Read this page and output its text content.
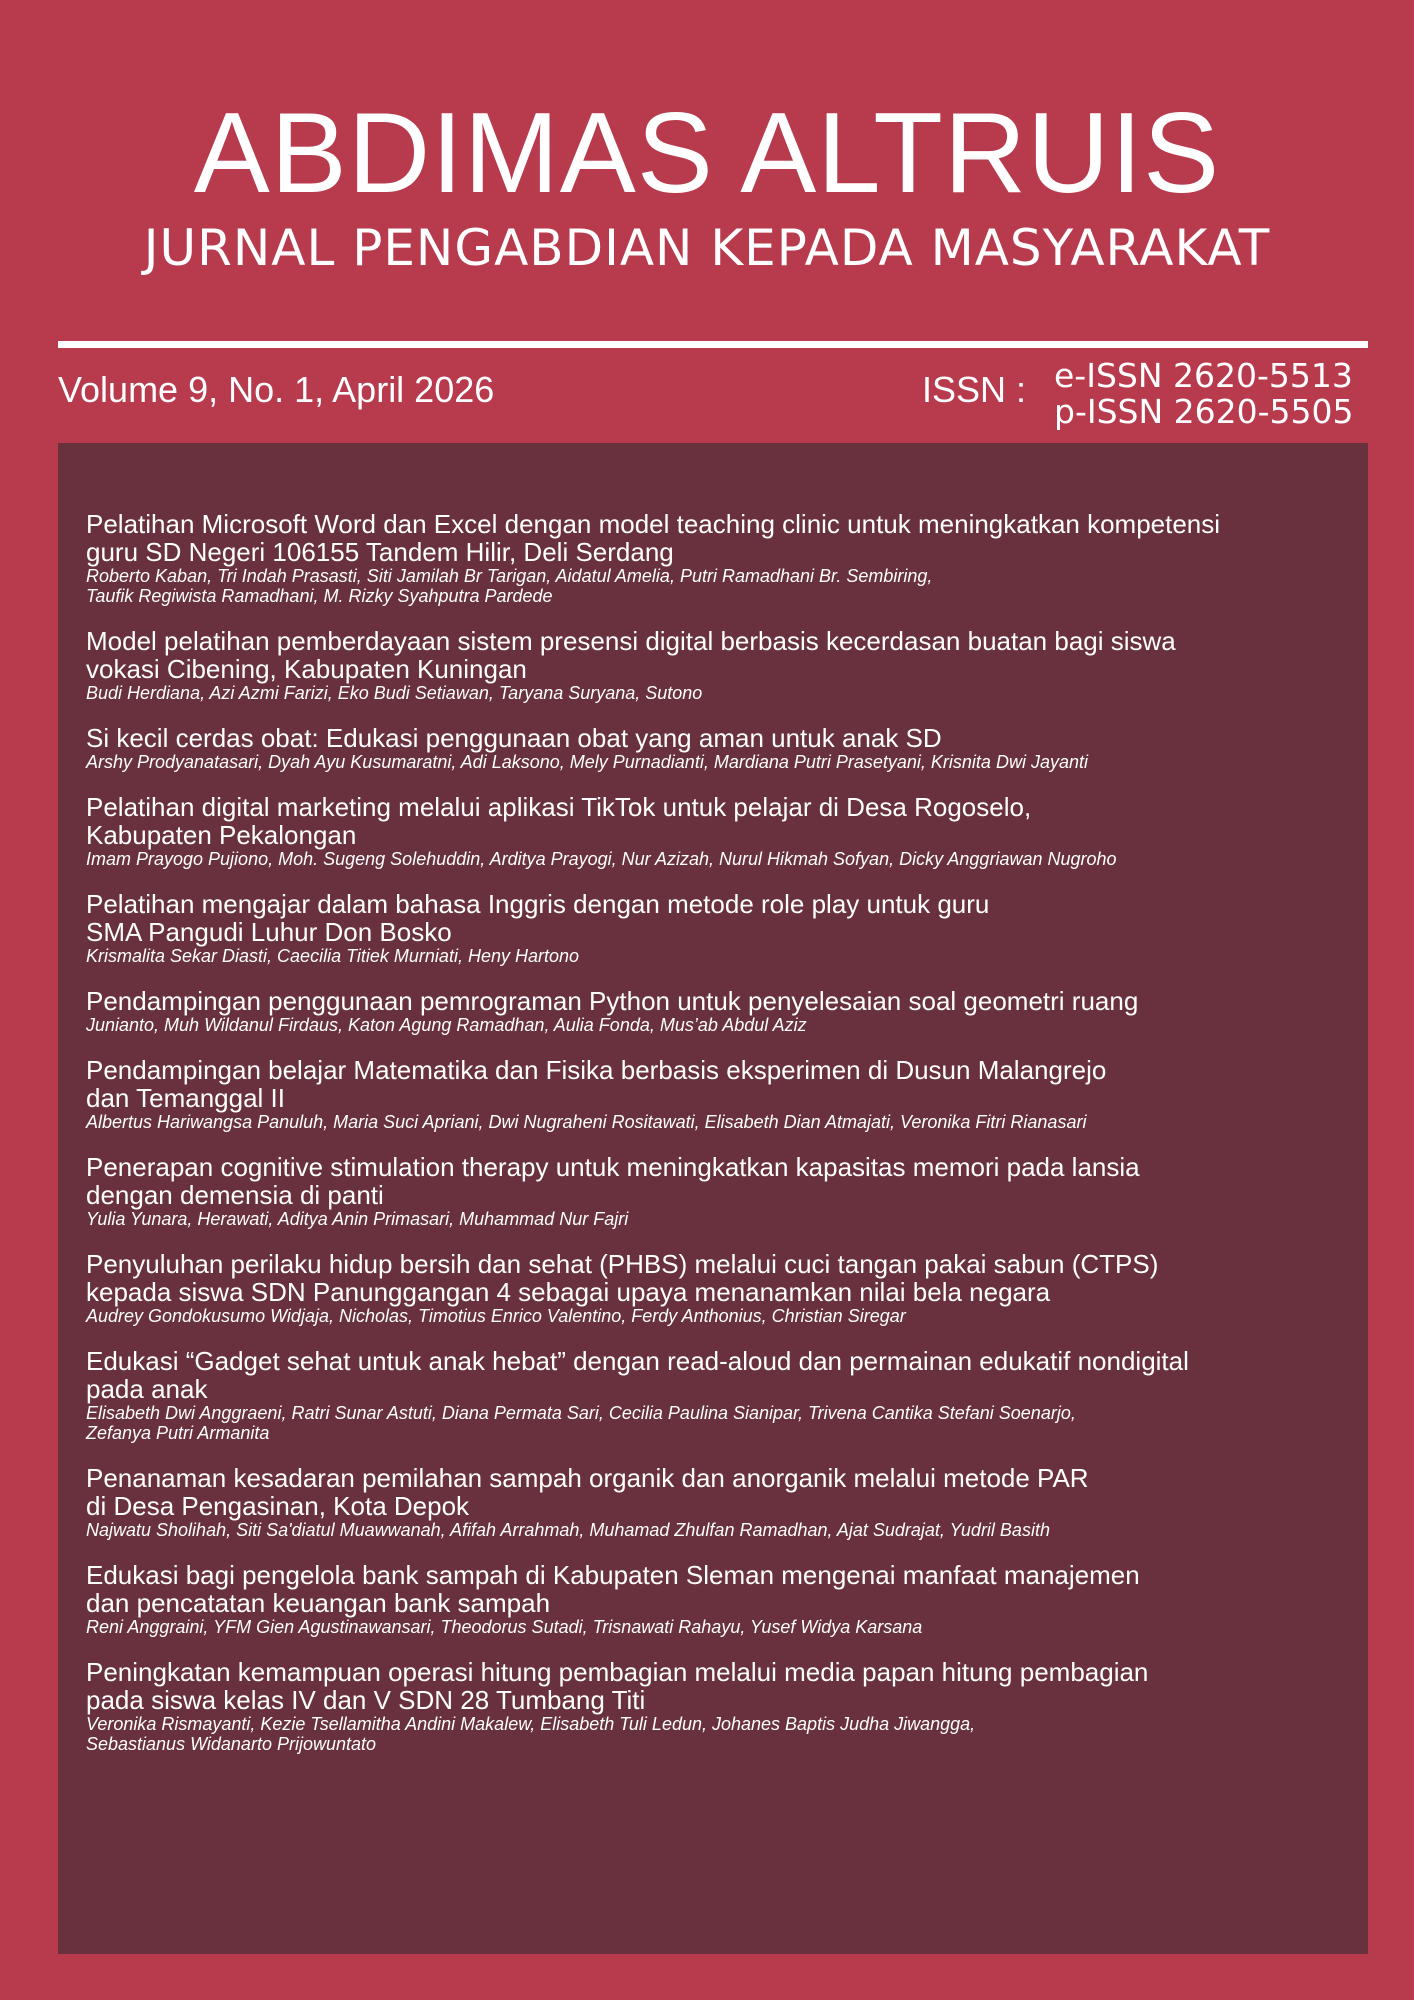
ABDIMAS ALTRUIS
JURNAL PENGABDIAN KEPADA MASYARAKAT
Volume 9, No. 1, April 2026	ISSN : e-ISSN 2620-5513
p-ISSN 2620-5505
Pelatihan Microsoft Word dan Excel dengan model teaching clinic untuk meningkatkan kompetensi
guru SD Negeri 106155 Tandem Hilir, Deli Serdang
Roberto Kaban, Tri Indah Prasasti, Siti Jamilah Br Tarigan, Aidatul Amelia, Putri Ramadhani Br. Sembiring,
Taufik Regiwista Ramadhani, M. Rizky Syahputra Pardede
Model pelatihan pemberdayaan sistem presensi digital berbasis kecerdasan buatan bagi siswa
vokasi Cibening, Kabupaten Kuningan
Budi Herdiana, Azi Azmi Farizi, Eko Budi Setiawan, Taryana Suryana, Sutono
Si kecil cerdas obat: Edukasi penggunaan obat yang aman untuk anak SD
Arshy Prodyanatasari, Dyah Ayu Kusumaratni, Adi Laksono, Mely Purnadianti, Mardiana Putri Prasetyani, Krisnita Dwi Jayanti
Pelatihan digital marketing melalui aplikasi TikTok untuk pelajar di Desa Rogoselo,
Kabupaten Pekalongan
Imam Prayogo Pujiono, Moh. Sugeng Solehuddin, Arditya Prayogi, Nur Azizah, Nurul Hikmah Sofyan, Dicky Anggriawan Nugroho
Pelatihan mengajar dalam bahasa Inggris dengan metode role play untuk guru
SMA Pangudi Luhur Don Bosko
Krismalita Sekar Diasti, Caecilia Titiek Murniati, Heny Hartono
Pendampingan penggunaan pemrograman Python untuk penyelesaian soal geometri ruang
Junianto, Muh Wildanul Firdaus, Katon Agung Ramadhan, Aulia Fonda, Mus’ab Abdul Aziz
Pendampingan belajar Matematika dan Fisika berbasis eksperimen di Dusun Malangrejo
dan Temanggal II
Albertus Hariwangsa Panuluh, Maria Suci Apriani, Dwi Nugraheni Rositawati, Elisabeth Dian Atmajati, Veronika Fitri Rianasari
Penerapan cognitive stimulation therapy untuk meningkatkan kapasitas memori pada lansia
dengan demensia di panti
Yulia Yunara, Herawati, Aditya Anin Primasari, Muhammad Nur Fajri
Penyuluhan perilaku hidup bersih dan sehat (PHBS) melalui cuci tangan pakai sabun (CTPS)
kepada siswa SDN Panunggangan 4 sebagai upaya menanamkan nilai bela negara
Audrey Gondokusumo Widjaja, Nicholas, Timotius Enrico Valentino, Ferdy Anthonius, Christian Siregar
Edukasi “Gadget sehat untuk anak hebat” dengan read-aloud dan permainan edukatif nondigital
pada anak
Elisabeth Dwi Anggraeni, Ratri Sunar Astuti, Diana Permata Sari, Cecilia Paulina Sianipar, Trivena Cantika Stefani Soenarjo,
Zefanya Putri Armanita
Penanaman kesadaran pemilahan sampah organik dan anorganik melalui metode PAR
di Desa Pengasinan, Kota Depok
Najwatu Sholihah, Siti Sa'diatul Muawwanah, Afifah Arrahmah, Muhamad Zhulfan Ramadhan, Ajat Sudrajat, Yudril Basith
Edukasi bagi pengelola bank sampah di Kabupaten Sleman mengenai manfaat manajemen
dan pencatatan keuangan bank sampah
Reni Anggraini, YFM Gien Agustinawansari, Theodorus Sutadi, Trisnawati Rahayu, Yusef Widya Karsana
Peningkatan kemampuan operasi hitung pembagian melalui media papan hitung pembagian
pada siswa kelas IV dan V SDN 28 Tumbang Titi
Veronika Rismayanti, Kezie Tsellamitha Andini Makalew, Elisabeth Tuli Ledun, Johanes Baptis Judha Jiwangga,
Sebastianus Widanarto Prijowuntato
